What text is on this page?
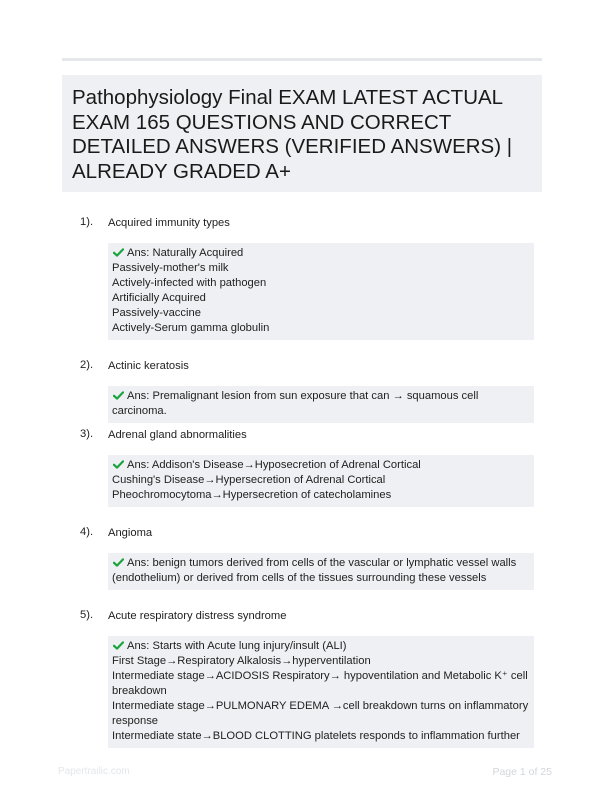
Pathophysiology Final EXAM LATEST ACTUAL EXAM 165 QUESTIONS AND CORRECT DETAILED ANSWERS (VERIFIED ANSWERS) | ALREADY GRADED A+
1). Acquired immunity types
Ans: Naturally Acquired
Passively-mother's milk
Actively-infected with pathogen
Artificially Acquired
Passively-vaccine
Actively-Serum gamma globulin
2). Actinic keratosis
Ans: Premalignant lesion from sun exposure that can → squamous cell carcinoma.
3). Adrenal gland abnormalities
Ans: Addison's Disease→Hyposecretion of Adrenal Cortical
Cushing's Disease→Hypersecretion of Adrenal Cortical
Pheochromocytoma→Hypersecretion of catecholamines
4). Angioma
Ans: benign tumors derived from cells of the vascular or lymphatic vessel walls
(endothelium) or derived from cells of the tissues surrounding these vessels
5). Acute respiratory distress syndrome
Ans: Starts with Acute lung injury/insult (ALI)
First Stage→Respiratory Alkalosis→hyperventilation
Intermediate stage→ACIDOSIS Respiratory→ hypoventilation and Metabolic K⁺ cell
breakdown
Intermediate stage→PULMONARY EDEMA →cell breakdown turns on inflammatory
response
Intermediate state→BLOOD CLOTTING platelets responds to inflammation further
Papertrailic.com	Page 1 of 25
